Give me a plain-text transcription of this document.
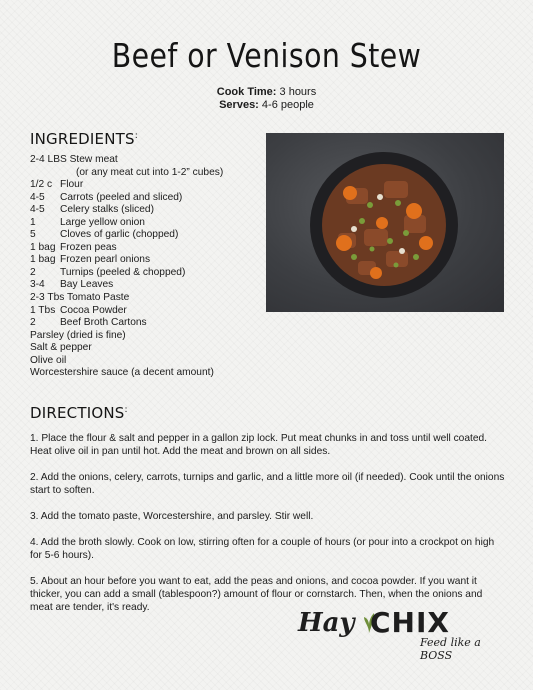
Beef or Venison Stew
Cook Time: 3 hours
Serves: 4-6 people
INGREDIENTS:
2-4 LBS Stew meat
(or any meat cut into 1-2” cubes)
1/2 c Flour
4-5 Carrots (peeled and sliced)
4-5 Celery stalks (sliced)
1 Large yellow onion
5 Cloves of garlic (chopped)
1 bag Frozen peas
1 bag Frozen pearl onions
2 Turnips (peeled & chopped)
3-4 Bay Leaves
2-3 Tbs Tomato Paste
1 Tbs Cocoa Powder
2 Beef Broth Cartons
Parsley (dried is fine)
Salt & pepper
Olive oil
Worcestershire sauce (a decent amount)
DIRECTIONS:

1. Place the flour & salt and pepper in a gallon zip lock. Put meat chunks in and toss until well coated. Heat olive oil in pan until hot. Add the meat and brown on all sides.

2. Add the onions, celery, carrots, turnips and garlic, and a little more oil (if needed). Cook until the onions start to soften.

3. Add the tomato paste, Worcestershire, and parsley. Stir well.

4. Add the broth slowly. Cook on low, stirring often for a couple of hours (or pour into a crockpot on high for 5-6 hours).

5. About an hour before you want to eat, add the peas and onions, and cocoa powder. If you want it thicker, you can add a small (tablespoon?) amount of flour or cornstarch. Then, when the onions and meat are tender, it's ready.

Hay CHIX
Feed like a BOSS
